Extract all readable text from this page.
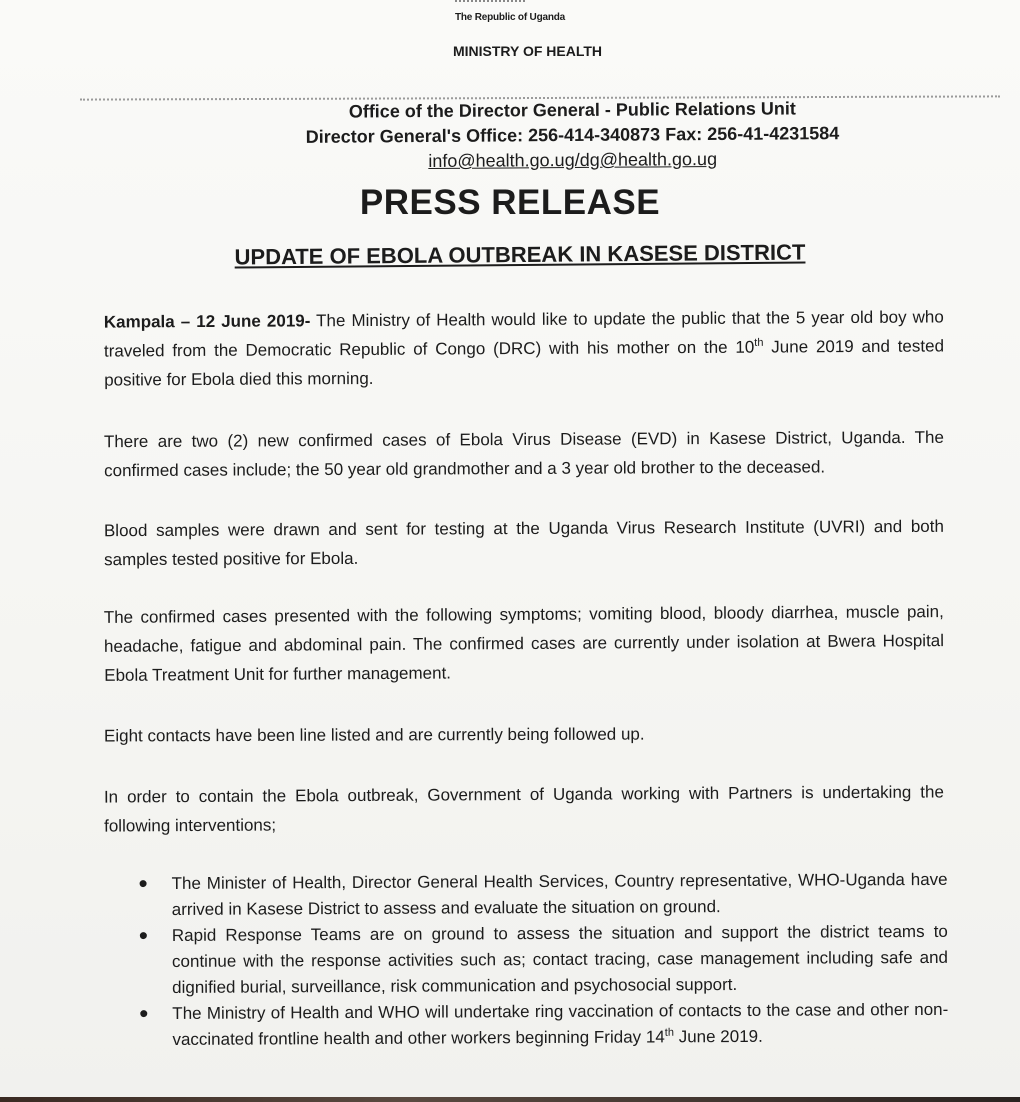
The Republic of Uganda
MINISTRY OF HEALTH
Office of the Director General - Public Relations Unit
Director General's Office: 256-414-340873 Fax: 256-41-4231584
info@health.go.ug/dg@health.go.ug
PRESS RELEASE
UPDATE OF EBOLA OUTBREAK IN KASESE DISTRICT

Kampala – 12 June 2019- The Ministry of Health would like to update the public that the 5 year old boy who traveled from the Democratic Republic of Congo (DRC) with his mother on the 10th June 2019 and tested positive for Ebola died this morning.

There are two (2) new confirmed cases of Ebola Virus Disease (EVD) in Kasese District, Uganda. The confirmed cases include; the 50 year old grandmother and a 3 year old brother to the deceased.

Blood samples were drawn and sent for testing at the Uganda Virus Research Institute (UVRI) and both samples tested positive for Ebola.

The confirmed cases presented with the following symptoms; vomiting blood, bloody diarrhea, muscle pain, headache, fatigue and abdominal pain. The confirmed cases are currently under isolation at Bwera Hospital Ebola Treatment Unit for further management.

Eight contacts have been line listed and are currently being followed up.

In order to contain the Ebola outbreak, Government of Uganda working with Partners is undertaking the following interventions;

The Minister of Health, Director General Health Services, Country representative, WHO-Uganda have arrived in Kasese District to assess and evaluate the situation on ground.
Rapid Response Teams are on ground to assess the situation and support the district teams to continue with the response activities such as; contact tracing, case management including safe and dignified burial, surveillance, risk communication and psychosocial support.
The Ministry of Health and WHO will undertake ring vaccination of contacts to the case and other non-vaccinated frontline health and other workers beginning Friday 14th June 2019.
